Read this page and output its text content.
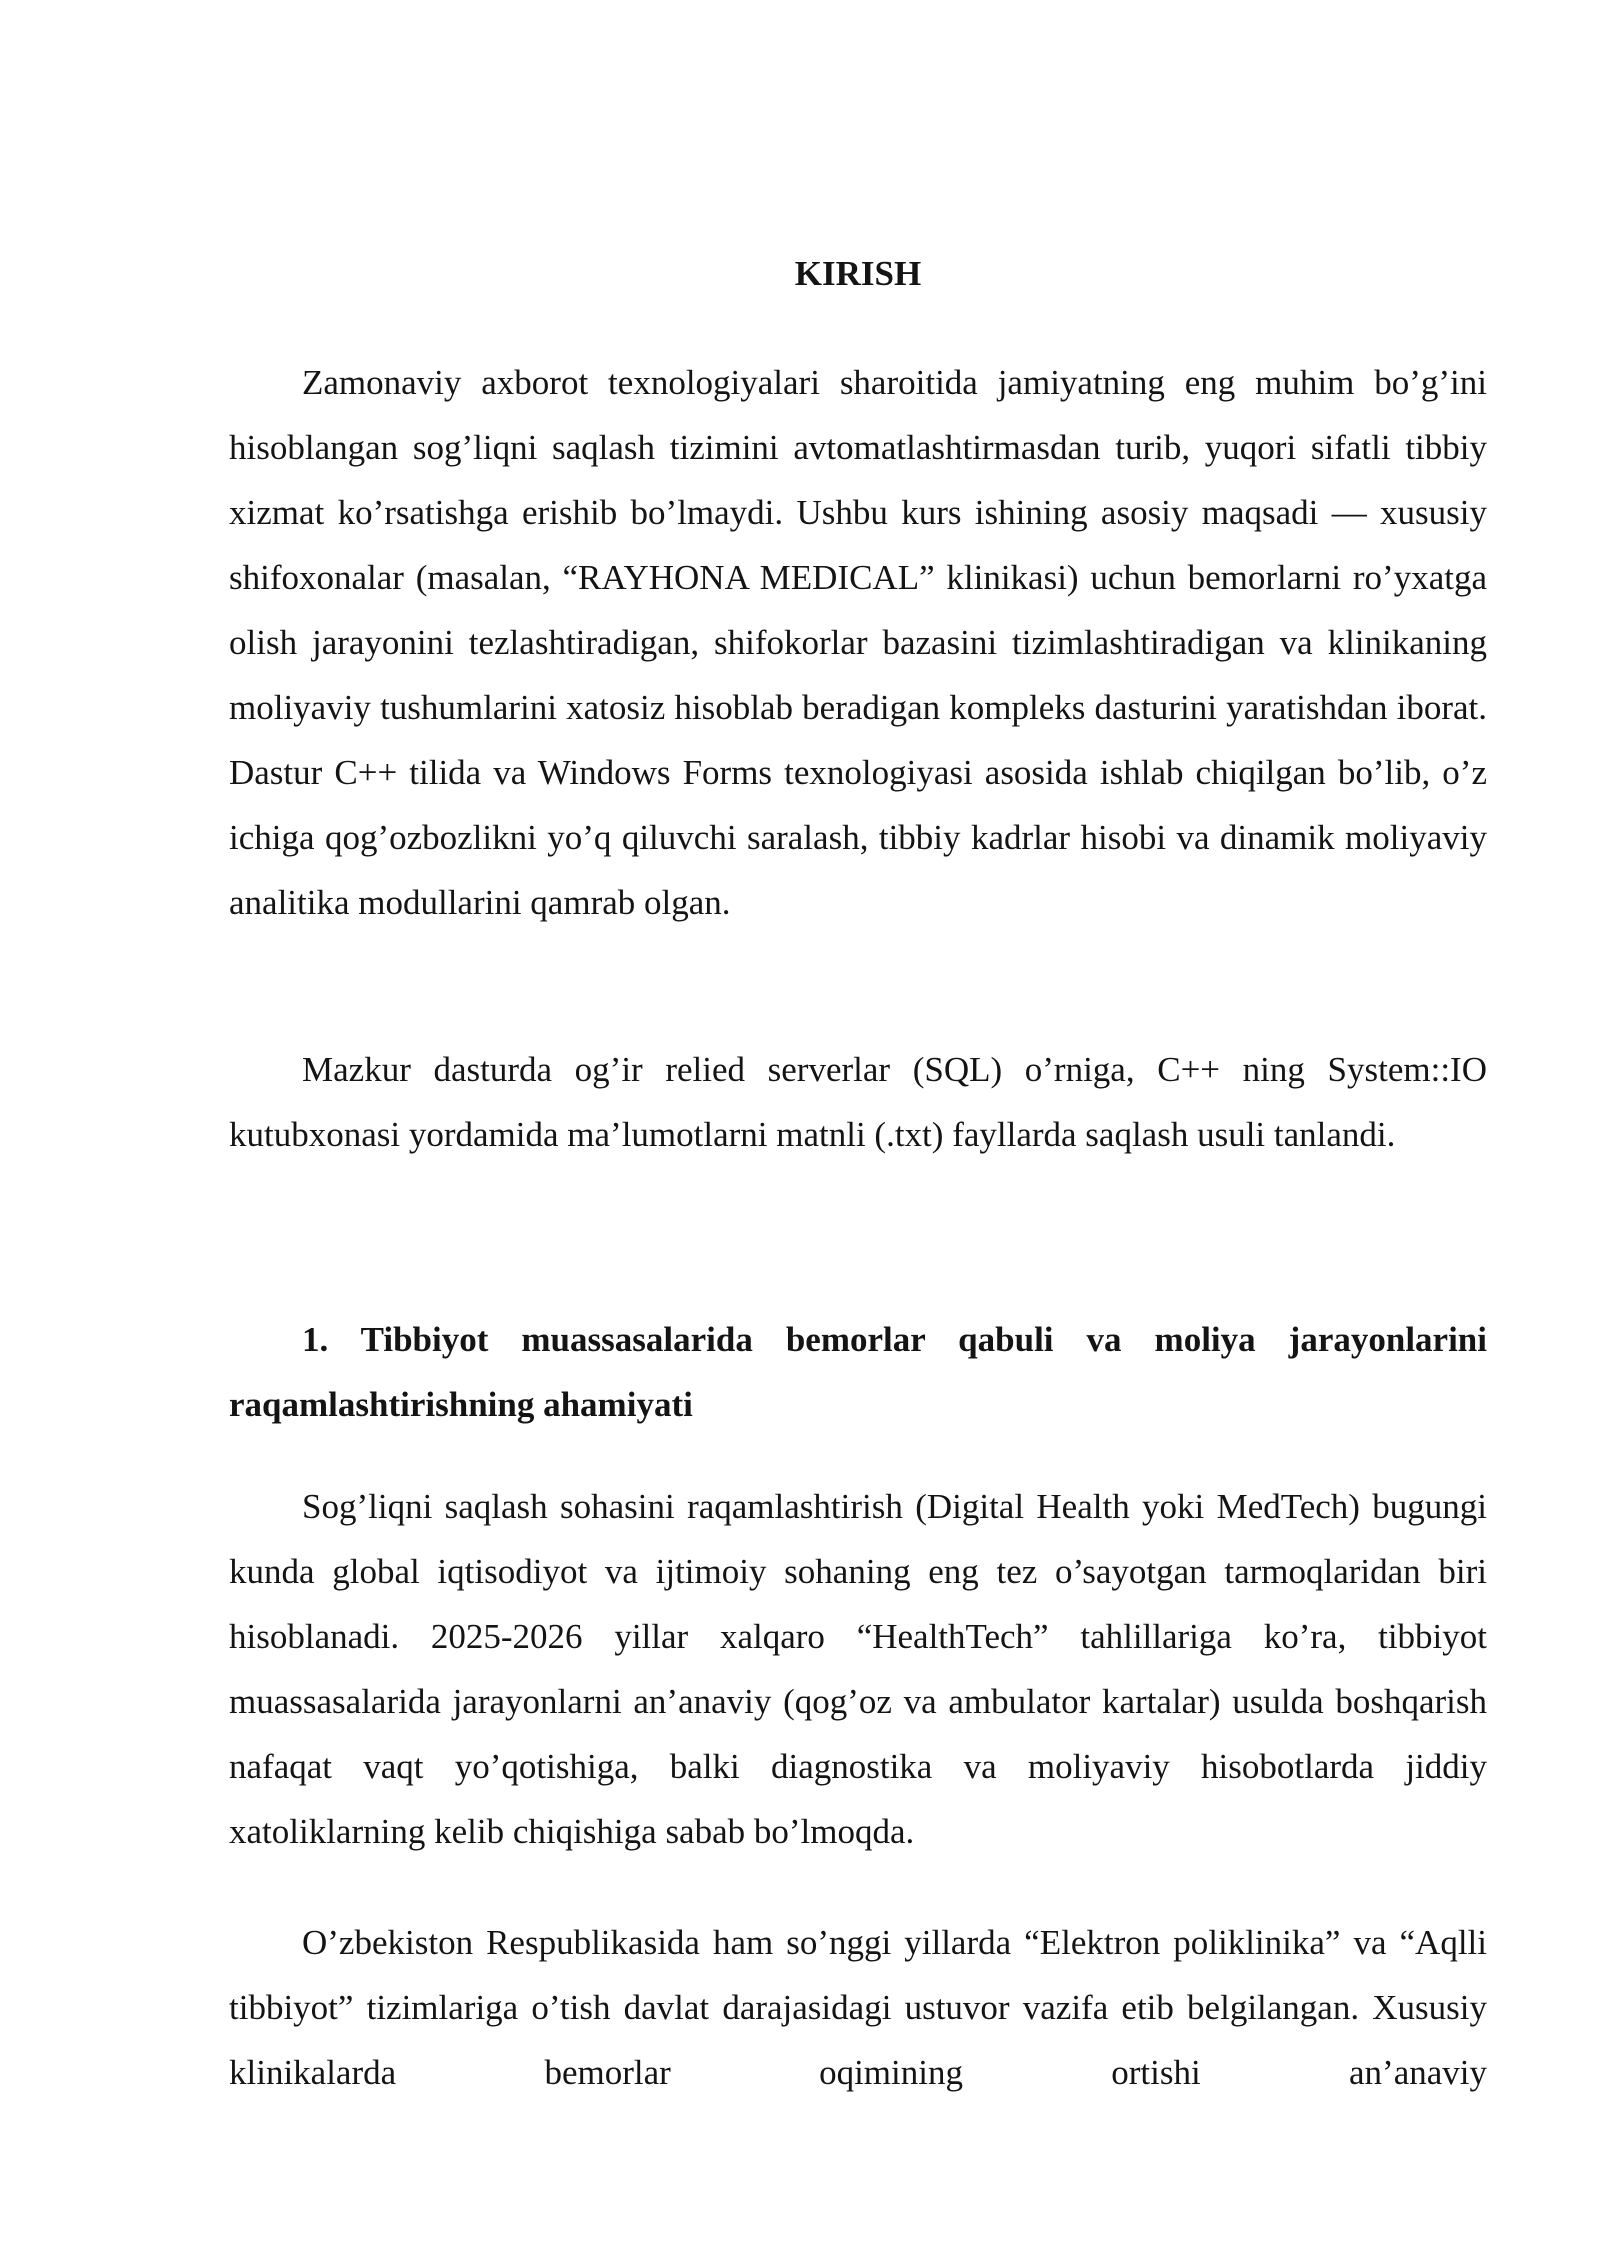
KIRISH

Zamonaviy axborot texnologiyalari sharoitida jamiyatning eng muhim bo’g’ini hisoblangan sog’liqni saqlash tizimini avtomatlashtirmasdan turib, yuqori sifatli tibbiy xizmat ko’rsatishga erishib bo’lmaydi. Ushbu kurs ishining asosiy maqsadi — xususiy shifoxonalar (masalan, “RAYHONA MEDICAL” klinikasi) uchun bemorlarni ro’yxatga olish jarayonini tezlashtiradigan, shifokorlar bazasini tizimlashtiradigan va klinikaning moliyaviy tushumlarini xatosiz hisoblab beradigan kompleks dasturini yaratishdan iborat. Dastur C++ tilida va Windows Forms texnologiyasi asosida ishlab chiqilgan bo’lib, o’z ichiga qog’ozbozlikni yo’q qiluvchi saralash, tibbiy kadrlar hisobi va dinamik moliyaviy analitika modullarini qamrab olgan.

Mazkur dasturda og’ir relied serverlar (SQL) o’rniga, C++ ning System::IO kutubxonasi yordamida ma’lumotlarni matnli (.txt) fayllarda saqlash usuli tanlandi.

1. Tibbiyot muassasalarida bemorlar qabuli va moliya jarayonlarini raqamlashtirishning ahamiyati

Sog’liqni saqlash sohasini raqamlashtirish (Digital Health yoki MedTech) bugungi kunda global iqtisodiyot va ijtimoiy sohaning eng tez o’sayotgan tarmoqlaridan biri hisoblanadi. 2025-2026 yillar xalqaro “HealthTech” tahlillariga ko’ra, tibbiyot muassasalarida jarayonlarni an’anaviy (qog’oz va ambulator kartalar) usulda boshqarish nafaqat vaqt yo’qotishiga, balki diagnostika va moliyaviy hisobotlarda jiddiy xatoliklarning kelib chiqishiga sabab bo’lmoqda.

O’zbekiston Respublikasida ham so’nggi yillarda “Elektron poliklinika” va “Aqlli tibbiyot” tizimlariga o’tish davlat darajasidagi ustuvor vazifa etib belgilangan. Xususiy klinikalarda bemorlar oqimining ortishi an’anaviy
